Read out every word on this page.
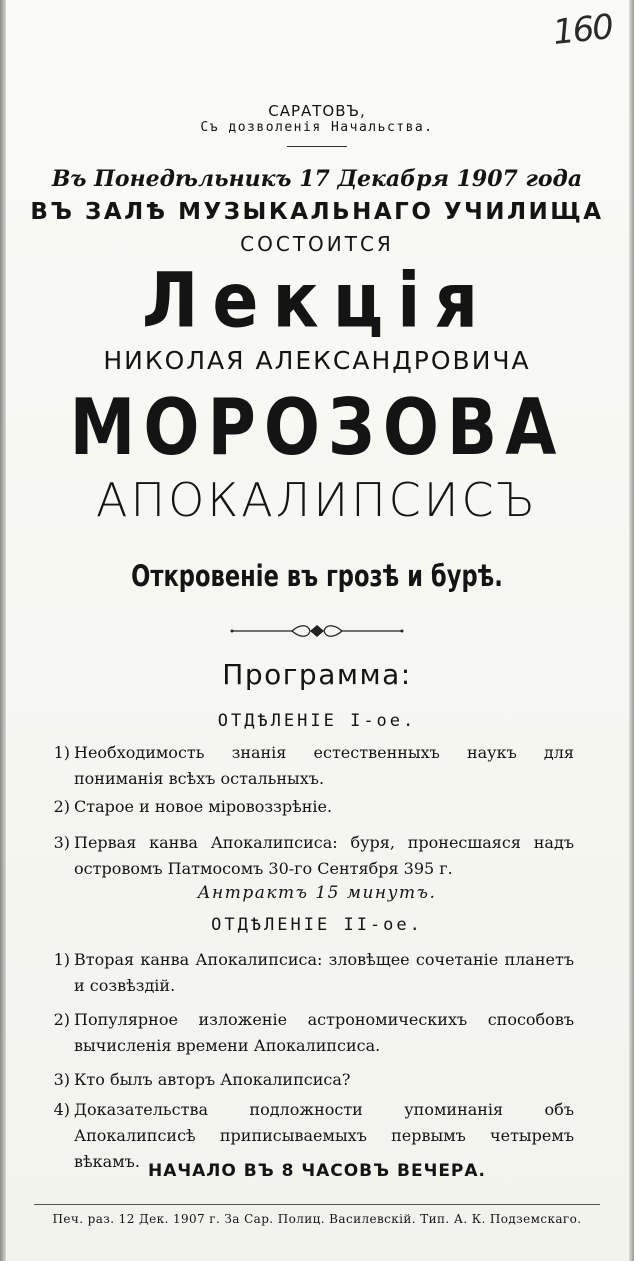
160
САРАТОВЪ,
Съ дозволенія Начальства.
Въ Понедѣльникъ 17 Декабря 1907 года
ВЪ ЗАЛѢ МУЗЫКАЛЬНАГО УЧИЛИЩА
СОСТОИТСЯ
Лекція
НИКОЛАЯ АЛЕКСАНДРОВИЧА
МОРОЗОВА
АПОКАЛИПСИСЪ
Откровеніе въ грозѣ и бурѣ.
Программа:
ОТДѢЛЕНІЕ І-ое.
1) Необходимость знанія естественныхъ наукъ для пониманія всѣхъ остальныхъ.
2) Старое и новое міровоззрѣніе.
3) Первая канва Апокалипсиса: буря, пронесшаяся надъ островомъ Патмосомъ 30-го Сентября 395 г.
Антрактъ 15 минутъ.
ОТДѢЛЕНІЕ ІІ-ое.
1) Вторая канва Апокалипсиса: зловѣщее сочетаніе планетъ и созвѣздій.
2) Популярное изложеніе астрономическихъ способовъ вычисленія времени Апокалипсиса.
3) Кто былъ авторъ Апокалипсиса?
4) Доказательства подложности упоминанія объ Апокалипсисѣ приписываемыхъ первымъ четыремъ вѣкамъ. НАЧАЛО ВЪ 8 ЧАСОВЪ ВЕЧЕРА.
Печ. раз. 12 Дек. 1907 г. За Сар. Полиц. Василевскій. Тип. А. К. Подземскаго.
